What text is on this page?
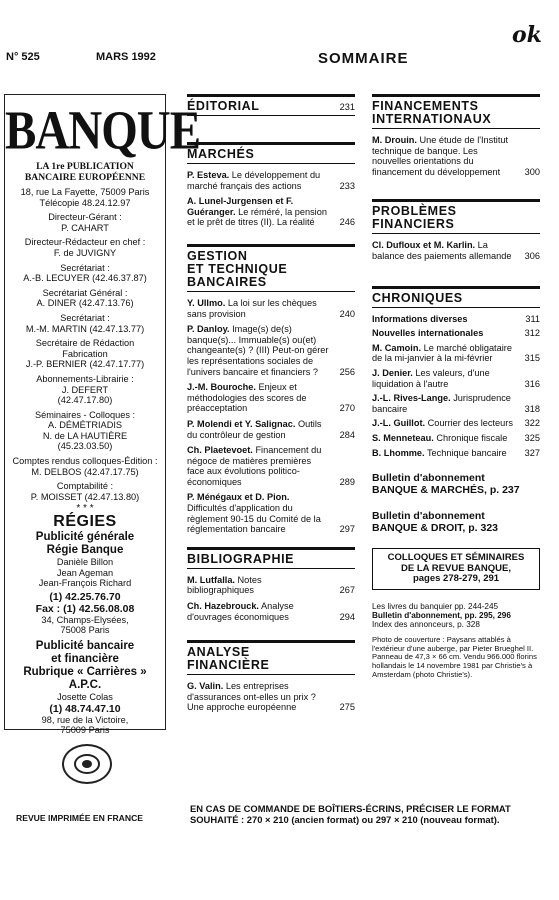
N° 525	MARS 1992	SOMMAIRE
ok
BANQUE
LA 1re PUBLICATION
BANCAIRE EUROPÉENNE
18, rue La Fayette, 75009 Paris
Télécopie 48.24.12.97
Directeur-Gérant :
P. CAHART
Directeur-Rédacteur en chef :
F. de JUVIGNY
Secrétariat :
A.-B. LECUYER (42.46.37.87)
Secrétariat Général :
A. DINER (42.47.13.76)
Secrétariat :
M.-M. MARTIN (42.47.13.77)
Secrétaire de Rédaction
Fabrication
J.-P. BERNIER (42.47.17.77)
Abonnements-Librairie :
J. DEFERT
(42.47.17.80)
Séminaires - Colloques :
A. DÉMÉTRIADIS
N. de LA HAUTIÈRE
(45.23.03.50)
Comptes rendus colloques-Édition :
M. DELBOS (42.47.17.75)
Comptabilité :
P. MOISSET (42.47.13.80)
* * *
RÉGIES
Publicité générale
Régie Banque
Danièle Billon
Jean Ageman
Jean-François Richard
(1) 42.25.76.70
Fax : (1) 42.56.08.08
34, Champs-Elysées,
75008 Paris
Publicité bancaire
et financière
Rubrique « Carrières »
A.P.C.
Josette Colas
(1) 48.74.47.10
98, rue de la Victoire,
75009 Paris
ÉDITORIAL	231
MARCHÉS
P. Esteva. Le développement du marché français des actions	233
A. Lunel-Jurgensen et F. Guéranger. Le réméré, la pension et le prêt de titres (II). La réalité	246
GESTION
ET TECHNIQUE
BANCAIRES
Y. Ullmo. La loi sur les chèques sans provision	240
P. Danloy. Image(s) de(s) banque(s)... Immuable(s) ou(et) changeante(s) ? (III) Peut-on gérer les représentations sociales de l'univers bancaire et financiers ? 256
J.-M. Bouroche. Enjeux et méthodologies des scores de préacceptation	270
P. Molendi et Y. Salignac. Outils du contrôleur de gestion	284
Ch. Plaetevoet. Financement du négoce de matières premières face aux évolutions politico-économiques	289
P. Ménégaux et D. Pion. Difficultés d'application du règlement 90-15 du Comité de la réglementation bancaire	297
BIBLIOGRAPHIE
M. Lutfalla. Notes bibliographiques	267
Ch. Hazebrouck. Analyse d'ouvrages économiques	294
ANALYSE
FINANCIÈRE
G. Valin. Les entreprises d'assurances ont-elles un prix ? Une approche européenne	275
FINANCEMENTS
INTERNATIONAUX
M. Drouin. Une étude de l'Institut technique de banque. Les nouvelles orientations du financement du développement	300
PROBLÈMES
FINANCIERS
Cl. Dufloux et M. Karlin. La balance des paiements allemande 306
CHRONIQUES
Informations diverses	311
Nouvelles internationales	312
M. Camoin. Le marché obligataire de la mi-janvier à la mi-février	315
J. Denier. Les valeurs, d'une liquidation à l'autre	316
J.-L. Rives-Lange. Jurisprudence bancaire	318
J.-L. Guillot. Courrier des lecteurs 322
S. Menneteau. Chronique fiscale 325
B. Lhomme. Technique bancaire 327
Bulletin d'abonnement
BANQUE & MARCHÉS, p. 237
Bulletin d'abonnement
BANQUE & DROIT, p. 323
COLLOQUES ET SÉMINAIRES
DE LA REVUE BANQUE,
pages 278-279, 291
Les livres du banquier pp. 244-245
Bulletin d'abonnement, pp. 295, 296
Index des annonceurs, p. 328
Photo de couverture : Paysans attablés à l'extérieur d'une auberge, par Pieter Brueghel II. Panneau de 47,3 × 66 cm. Vendu 966.000 florins hollandais le 14 novembre 1981 par Christie's à Amsterdam (photo Christie's).
REVUE IMPRIMÉE EN FRANCE
EN CAS DE COMMANDE DE BOÎTIERS-ÉCRINS, PRÉCISER LE FORMAT
SOUHAITÉ : 270 × 210 (ancien format) ou 297 × 210 (nouveau format).
